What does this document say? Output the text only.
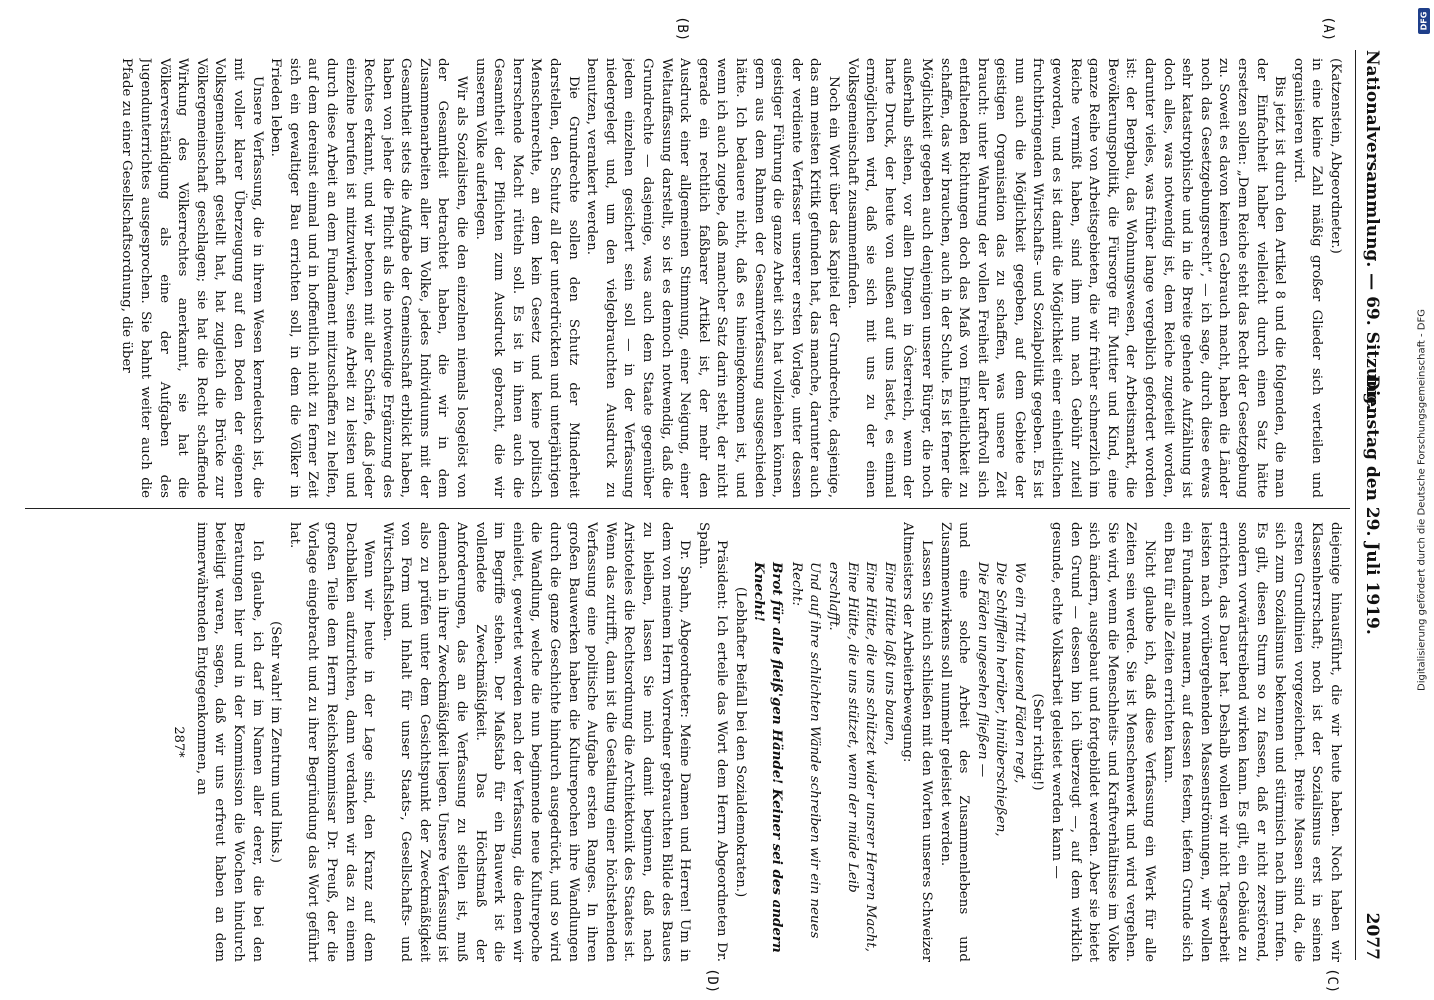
Nationalversammlung. — 69. Sitzung.
Dienstag den 29. Juli 1919.
2077
(A)
(B)
(C)
(D)

(Katzenstein, Abgeordneter.)

in eine kleine Zahl mäßig großer Glieder sich verteilen und organisieren wird.

Bis jetzt ist durch den Artikel 8 und die folgenden, die man der Einfachheit halber vielleicht durch einen Satz hätte ersetzen sollen: „Dem Reiche steht das Recht der Gesetzgebung zu. Soweit es davon keinen Gebrauch macht, haben die Länder noch das Gesetzgebungsrecht“, — ich sage, durch diese etwas sehr katastrophische und in die Breite gehende Aufzählung ist doch alles, was notwendig ist, dem Reiche zugeteilt worden, darunter vieles, was früher lange vergeblich gefordert worden ist: der Bergbau, das Wohnungswesen, der Arbeitsmarkt, die Bevölkerungspolitik, die Fürsorge für Mutter und Kind, eine ganze Reihe von Arbeitsgebieten, die wir früher schmerzlich im Reiche vermißt haben, sind ihm nun nach Gebühr zuteil geworden, und es ist damit die Möglichkeit einer einheitlichen fruchtbringenden Wirtschafts- und Sozialpolitik gegeben. Es ist nun auch die Möglichkeit gegeben, auf dem Gebiete der geistigen Organisation das zu schaffen, was unsere Zeit braucht: unter Wahrung der vollen Freiheit aller kraftvoll sich entfaltenden Richtungen doch das Maß von Einheitlichkeit zu schaffen, das wir brauchen, auch in der Schule. Es ist ferner die Möglichkeit gegeben auch denjenigen unserer Bürger, die noch außerhalb stehen, vor allen Dingen in Österreich, wenn der harte Druck, der heute von außen auf uns lastet, es einmal ermöglichen wird, daß sie sich mit uns zu der einen Volksgemeinschaft zusammenfinden.

Noch ein Wort über das Kapitel der Grundrechte, dasjenige, das am meisten Kritik gefunden hat, das manche, darunter auch der verdiente Verfasser unserer ersten Vorlage, unter dessen geistiger Führung die ganze Arbeit sich hat vollziehen können, gern aus dem Rahmen der Gesamtverfassung ausgeschieden hätte. Ich bedauere nicht, daß es hineingekommen ist, und wenn ich auch zugebe, daß mancher Satz darin steht, der nicht gerade ein rechtlich faßbarer Artikel ist, der mehr den Ausdruck einer allgemeinen Stimmung, einer Neigung, einer Weltauffassung darstellt, so ist es dennoch notwendig, daß die Grundrechte — dasjenige, was auch dem Staate gegenüber jedem einzelnen gesichert sein soll — in der Verfassung niedergelegt und, um den vielgebrauchten Ausdruck zu benutzen, verankert werden.

Die Grundrechte sollen den Schutz der Minderheit darstellen, den Schutz all der unterdrückten und unterjährigen Menschenrechte, an dem kein Gesetz und keine politisch herrschende Macht rütteln soll. Es ist in ihnen auch die Gesamtheit der Pflichten zum Ausdruck gebracht, die wir unserem Volke auferlegen.

Wir als Sozialisten, die den einzelnen niemals losgelöst von der Gesamtheit betrachtet haben, die wir in dem Zusammenarbeiten aller im Volke, jedes Individuums mit der Gesamtheit stets die Aufgabe der Gemeinschaft erblickt haben, haben von jeher die Pflicht als die notwendige Ergänzung des Rechtes erkannt, und wir betonen mit aller Schärfe, daß jeder einzelne berufen ist mitzuwirken, seine Arbeit zu leisten und durch diese Arbeit an dem Fundament mitzuschaffen zu helfen, auf dem dereinst einmal und in hoffentlich nicht zu ferner Zeit sich ein gewaltiger Bau errichten soll, in dem die Völker in Frieden leben.

Unsere Verfassung, die in ihrem Wesen kerndeutsch ist, die mit voller klarer Überzeugung auf den Boden der eigenen Volksgemeinschaft gestellt hat, hat zugleich die Brücke zur Völkergemeinschaft geschlagen; sie hat die Recht schaffende Wirkung des Völkerrechtes anerkannt, sie hat die Völkerverständigung als eine der Aufgaben des Jugendunterrichtes ausgesprochen. Sie bahnt weiter auch die Pfade zu einer Gesellschaftsordnung, die über

diejenige hinausführt, die wir heute haben. Noch haben wir Klassenherrschaft; noch ist der Sozialismus erst in seinen ersten Grundlinien vorgezeichnet. Breite Massen sind da, die sich zum Sozialismus bekennen und stürmisch nach ihm rufen. Es gilt, diesen Sturm so zu fassen, daß er nicht zerstörend, sondern vorwärtstreibend wirken kann. Es gilt, ein Gebäude zu errichten, das Dauer hat. Deshalb wollen wir nicht Tagesarbeit leisten nach vorübergehenden Massenströmungen, wir wollen ein Fundament mauern, auf dessen festem, tiefem Grunde sich ein Bau für alle Zeiten errichten kann.

Nicht glaube ich, daß diese Verfassung ein Werk für alle Zeiten sein werde. Sie ist Menschenwerk und wird vergehen. Sie wird, wenn die Menschheits- und Kraftverhältnisse im Volke sich ändern, ausgebaut und fortgebildet werden. Aber sie bietet den Grund — dessen bin ich überzeugt —, auf dem wirklich gesunde, echte Volksarbeit geleistet werden kann —

(Sehr richtig!)

Wo ein Tritt tausend Fäden regt,

Die Schifflein herüber, hinüberschießen,

Die Fäden ungesehen fließen —

und eine solche Arbeit des Zusammenlebens und Zusammenwirkens soll nunmehr geleistet werden.

Lassen Sie mich schließen mit den Worten unseres Schweizer Altmeisters der Arbeiterbewegung:

Eine Hütte laßt uns bauen,

Eine Hütte, die uns schützet wider unsrer Herren Macht,

Eine Hütte, die uns stützet, wenn der müde Leib erschlafft.

Und auf ihre schlichten Wände schreiben wir ein neues Recht:

Brot für alle fleiß'gen Hände! Keiner sei des andern Knecht!

(Lebhafter Beifall bei den Sozialdemokraten.)

Präsident: Ich erteile das Wort dem Herrn Abgeordneten Dr. Spahn.

Dr. Spahn, Abgeordneter: Meine Damen und Herren! Um in dem von meinem Herrn Vorredner gebrauchten Bilde des Baues zu bleiben, lassen Sie mich damit beginnen, daß nach Aristoteles die Rechtsordnung die Architektonik des Staates ist. Wenn das zutrifft, dann ist die Gestaltung einer höchstehenden Verfassung eine politische Aufgabe ersten Ranges. In ihren großen Bauwerken haben die Kulturepochen ihre Wandlungen durch die ganze Geschichte hindurch ausgedrückt, und so wird die Wandlung, welche die nun beginnende neue Kulturepoche einleitet, gewertet werden nach der Verfassung, die denen wir im Begriffe stehen. Der Maßstab für ein Bauwerk ist die vollendete Zweckmäßigkeit. Das Höchstmaß der Anforderungen, das an die Verfassung zu stellen ist, muß demnach in ihrer Zweckmäßigkeit liegen. Unsere Verfassung ist also zu prüfen unter dem Gesichtspunkt der Zweckmäßigkeit von Form und Inhalt für unser Staats-, Gesellschafts- und Wirtschaftsleben.

Wenn wir heute in der Lage sind, den Kranz auf dem Dachbalken aufzurichten, dann verdanken wir das zu einem großen Teile dem Herrn Reichskommissar Dr. Preuß, der die Vorlage eingebracht und zu ihrer Begründung das Wort geführt hat.

(Sehr wahr! im Zentrum und links.)

Ich glaube, ich darf im Namen aller derer, die bei den Beratungen hier und in der Kommission die Wochen hindurch beteiligt waren, sagen, daß wir uns erfreut haben an dem immerwährenden Entgegenkommen, an

287*
Digitalisierung gefördert durch die Deutsche Forschungsgemeinschaft - DFG
DFG
